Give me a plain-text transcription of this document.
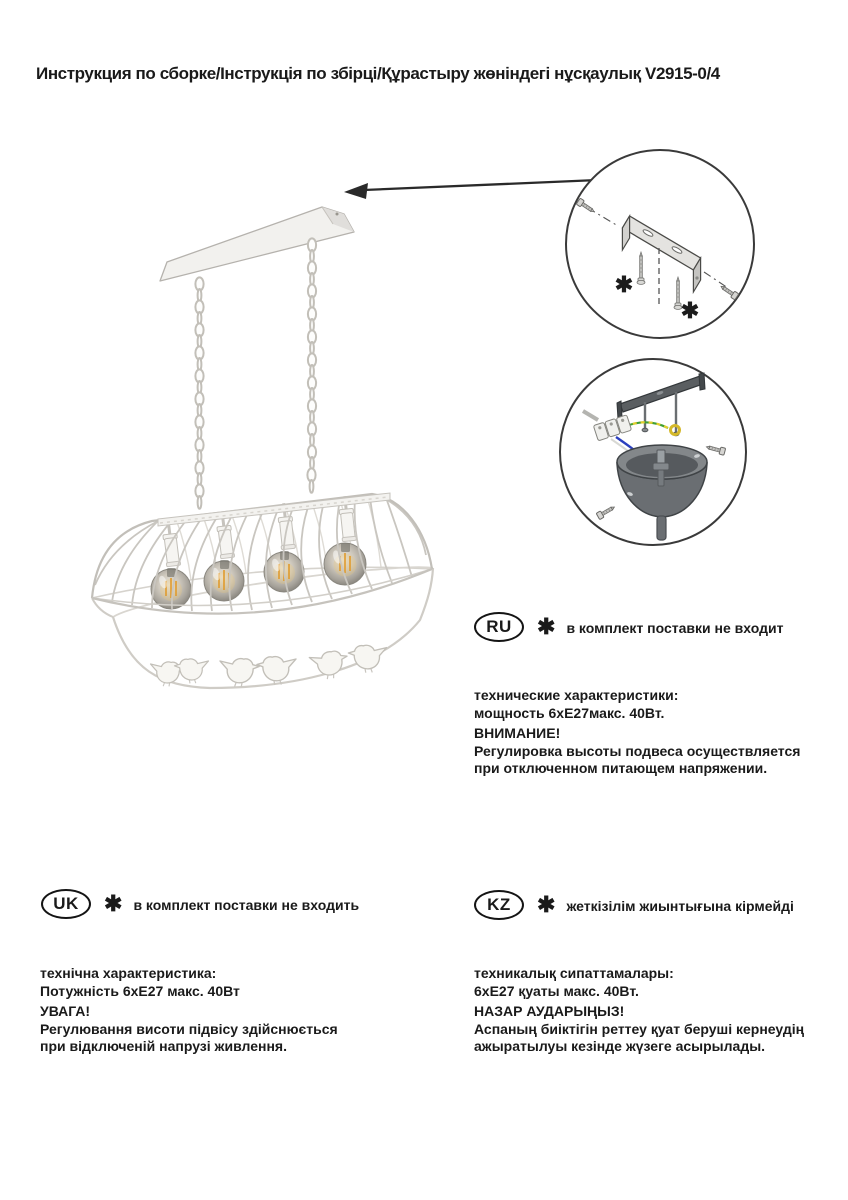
✱
✱
Инструкция по сборке/Інструкція по збірці/Құрастыру жөніндегі нұсқаулық V2915-0/4
RU	✱ в комплект поставки не входит

технические характеристики:

мощность 6хЕ27макс. 40Вт.

ВНИМАНИЕ!

Регулировка высоты подвеса осуществляется

при отключенном питающем напряжении.

UK	✱ в комплект поставки не входить

технічна характеристика:

Потужність 6хЕ27 макс. 40Вт

УВАГА!

Регулювання висоти підвісу здійснюється

при відключеній напрузі живлення.

KZ	✱ жеткізілім жиынтығына кірмейді

техникалық сипаттамалары:

6хЕ27 қуаты макс. 40Вт.

НАЗАР АУДАРЫҢЫЗ!

Аспаның биіктігін реттеу қуат беруші кернеудің

ажыратылуы кезінде жүзеге асырылады.
